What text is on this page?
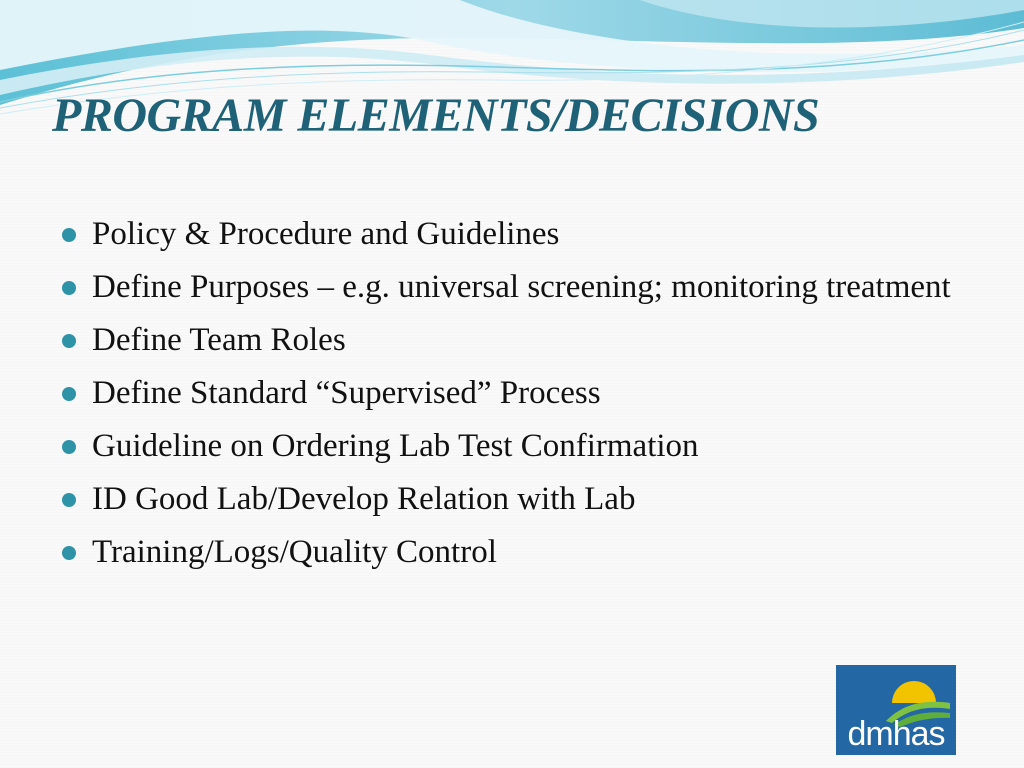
PROGRAM ELEMENTS/DECISIONS
Policy & Procedure and Guidelines
Define Purposes – e.g. universal screening; monitoring treatment
Define Team Roles
Define Standard “Supervised” Process
Guideline on Ordering Lab Test Confirmation
ID Good Lab/Develop Relation with Lab
Training/Logs/Quality Control
dmhas
